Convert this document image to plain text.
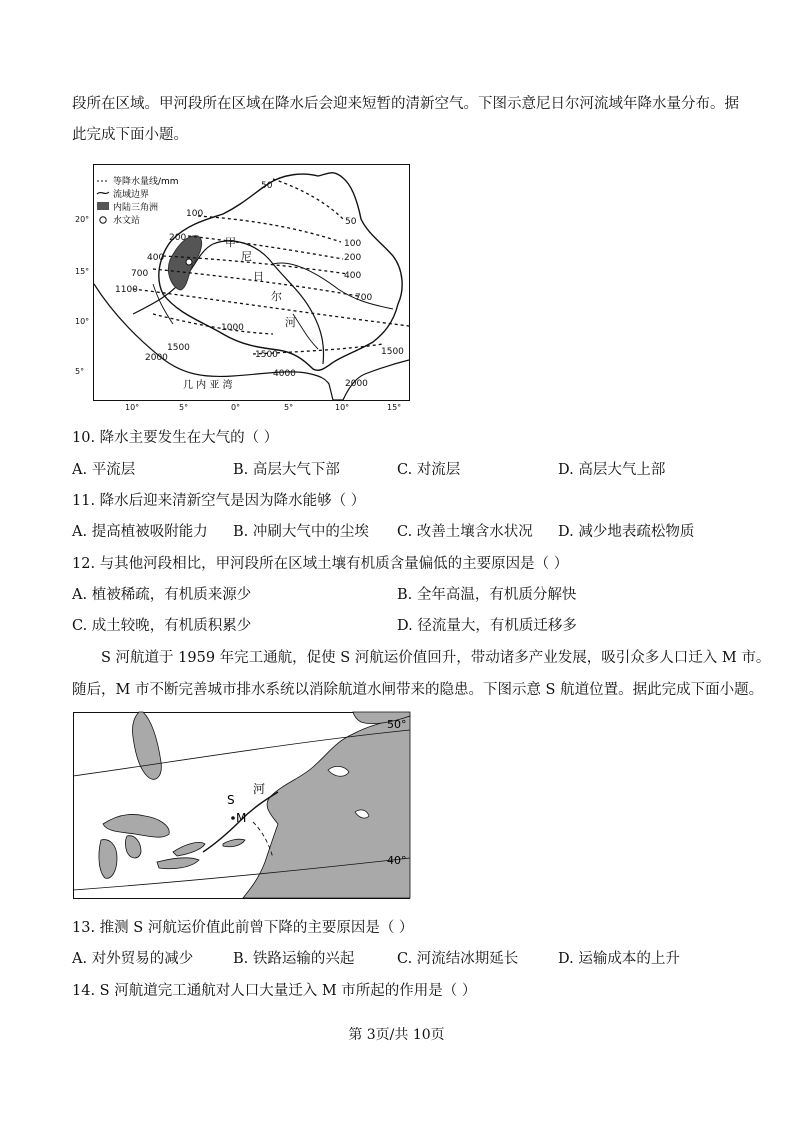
段所在区域。甲河段所在区域在降水后会迎来短暂的清新空气。下图示意尼日尔河流域年降水量分布。据
此完成下面小题。
等降水量线/mm
流域边界
内陆三角洲
水文站
50
50
100
100
200
200
400
400
700
700
1100
1000
1500
1500
2000
2000
4000
1500
甲
尼
日
尔
河
几 内 亚 湾
20°
15°
10°
5°
10°	5°	0°	5°	10°	15°
10. 降水主要发生在大气的（ ）
A. 平流层	B. 高层大气下部	C. 对流层	D. 高层大气上部
11. 降水后迎来清新空气是因为降水能够（ ）
A. 提高植被吸附能力 B. 冲刷大气中的尘埃 C. 改善土壤含水状况 D. 减少地表疏松物质
12. 与其他河段相比，甲河段所在区域土壤有机质含量偏低的主要原因是（ ）
A. 植被稀疏，有机质来源少	B. 全年高温，有机质分解快
C. 成土较晚，有机质积累少	D. 径流量大，有机质迁移多
S 河航道于 1959 年完工通航，促使 S 河航运价值回升，带动诸多产业发展，吸引众多人口迁入 M 市。
随后，M 市不断完善城市排水系统以消除航道水闸带来的隐患。下图示意 S 航道位置。据此完成下面小题。
河
S
M
50°
40°
13. 推测 S 河航运价值此前曾下降的主要原因是（ ）
A. 对外贸易的减少	B. 铁路运输的兴起	C. 河流结冰期延长	D. 运输成本的上升
14. S 河航道完工通航对人口大量迁入 M 市所起的作用是（ ）
第 3页/共 10页
